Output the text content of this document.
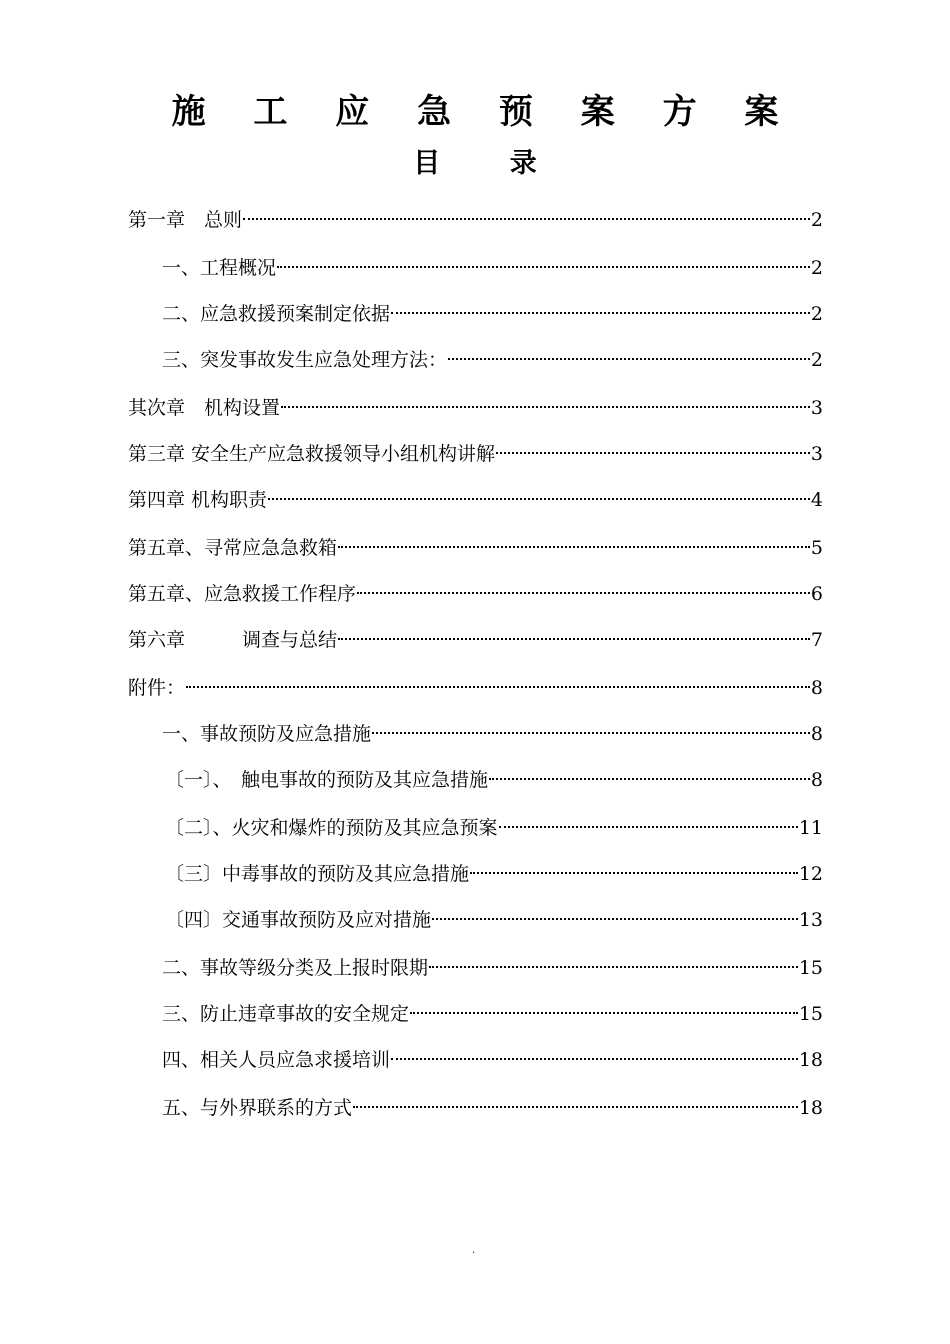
施 工 应 急 预 案 方 案
目 录
第一章　总则	2
一、工程概况	2
二、应急救援预案制定依据	2
三、突发事故发生应急处理方法：	2
其次章　机构设置	3
第三章 安全生产应急救援领导小组机构讲解	3
第四章 机构职责	4
第五章、寻常应急急救箱	5
第五章、应急救援工作程序	6
第六章　　　调查与总结	7
附件：	8
一、事故预防及应急措施	8
〔一〕、　触电事故的预防及其应急措施	8
〔二〕、火灾和爆炸的预防及其应急预案	11
〔三〕中毒事故的预防及其应急措施	12
〔四〕交通事故预防及应对措施	13
二、事故等级分类及上报时限期	15
三、防止违章事故的安全规定	15
四、相关人员应急求援培训	18
五、与外界联系的方式	18
.
